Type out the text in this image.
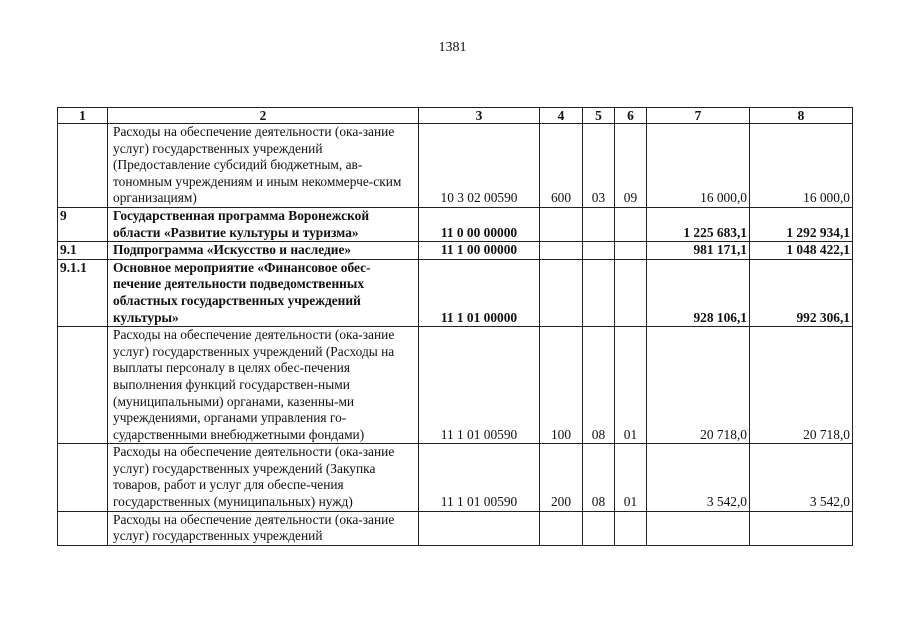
1381
1	2	3	4	5	6	7	8
	Расходы на обеспечение деятельности (ока-зание услуг) государственных учреждений (Предоставление субсидий бюджетным, ав-тономным учреждениям и иным некоммерче-ским организациям)	10 3 02 00590	600	03	09	16 000,0	16 000,0
9	Государственная программа Воронежской области «Развитие культуры и туризма»	11 0 00 00000				1 225 683,1	1 292 934,1
9.1	Подпрограмма «Искусство и наследие»	11 1 00 00000				981 171,1	1 048 422,1
9.1.1	Основное мероприятие «Финансовое обес-печение деятельности подведомственных областных государственных учреждений культуры»	11 1 01 00000				928 106,1	992 306,1
	Расходы на обеспечение деятельности (ока-зание услуг) государственных учреждений (Расходы на выплаты персоналу в целях обес-печения выполнения функций государствен-ными (муниципальными) органами, казенны-ми учреждениями, органами управления го-сударственными внебюджетными фондами)	11 1 01 00590	100	08	01	20 718,0	20 718,0
	Расходы на обеспечение деятельности (ока-зание услуг) государственных учреждений (Закупка товаров, работ и услуг для обеспе-чения государственных (муниципальных) нужд)	11 1 01 00590	200	08	01	3 542,0	3 542,0
	Расходы на обеспечение деятельности (ока-зание услуг) государственных учреждений						
